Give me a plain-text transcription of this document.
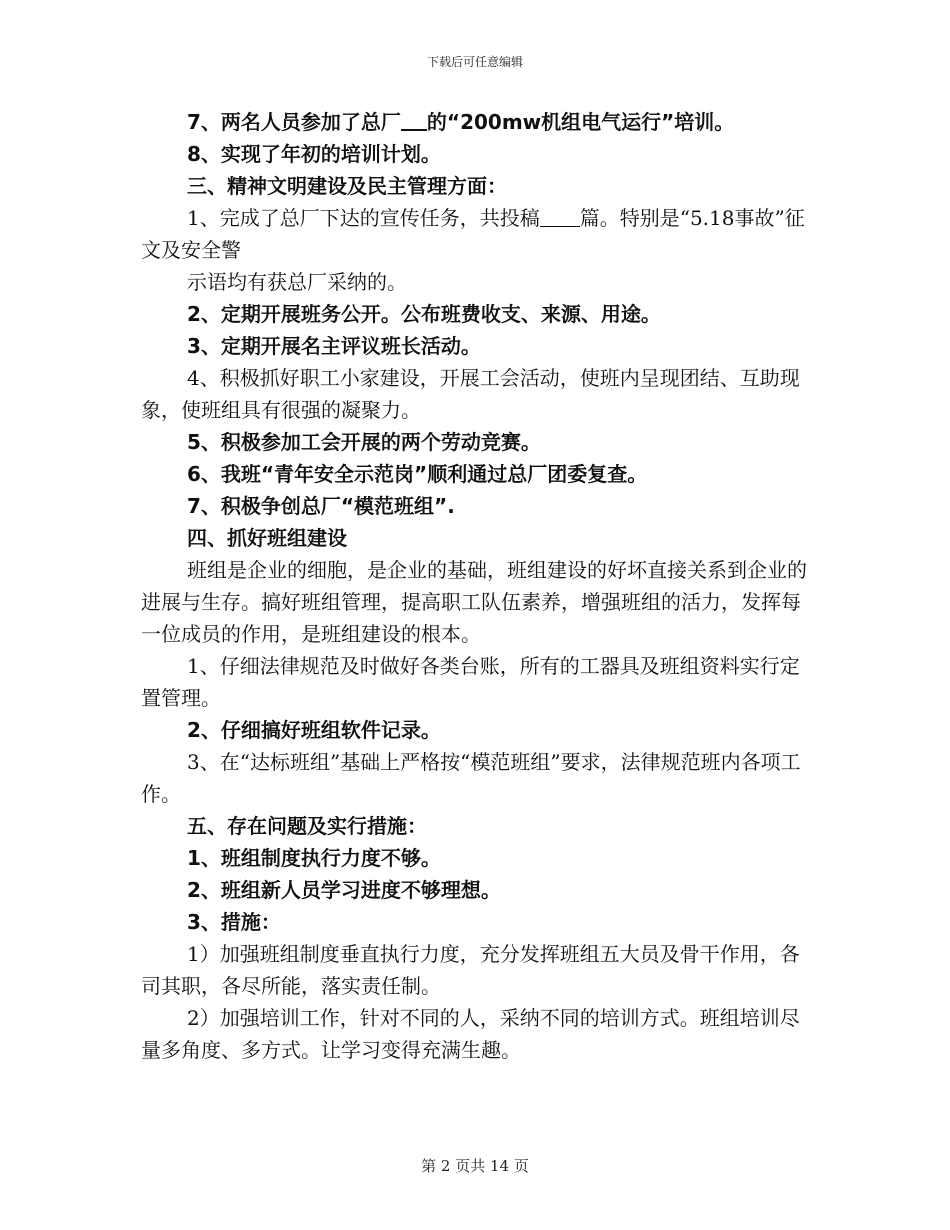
下载后可任意编辑

7、两名人员参加了总厂 的“200mw机组电气运行”培训。

8、实现了年初的培训计划。

三、精神文明建设及民主管理方面：

1、完成了总厂下达的宣传任务，共投稿 篇。特别是“5.18事故”征文及安全警

示语均有获总厂采纳的。

2、定期开展班务公开。公布班费收支、来源、用途。

3、定期开展名主评议班长活动。

4、积极抓好职工小家建设，开展工会活动，使班内呈现团结、互助现象，使班组具有很强的凝聚力。

5、积极参加工会开展的两个劳动竞赛。

6、我班“青年安全示范岗”顺利通过总厂团委复查。

7、积极争创总厂“模范班组”.

四、抓好班组建设

班组是企业的细胞，是企业的基础，班组建设的好坏直接关系到企业的进展与生存。搞好班组管理，提高职工队伍素养，增强班组的活力，发挥每一位成员的作用，是班组建设的根本。

1、仔细法律规范及时做好各类台账，所有的工器具及班组资料实行定置管理。

2、仔细搞好班组软件记录。

3、在“达标班组”基础上严格按“模范班组”要求，法律规范班内各项工作。

五、存在问题及实行措施：

1、班组制度执行力度不够。

2、班组新人员学习进度不够理想。

3、措施：

1）加强班组制度垂直执行力度，充分发挥班组五大员及骨干作用，各司其职，各尽所能，落实责任制。

2）加强培训工作，针对不同的人，采纳不同的培训方式。班组培训尽量多角度、多方式。让学习变得充满生趣。

第 2 页共 14 页
